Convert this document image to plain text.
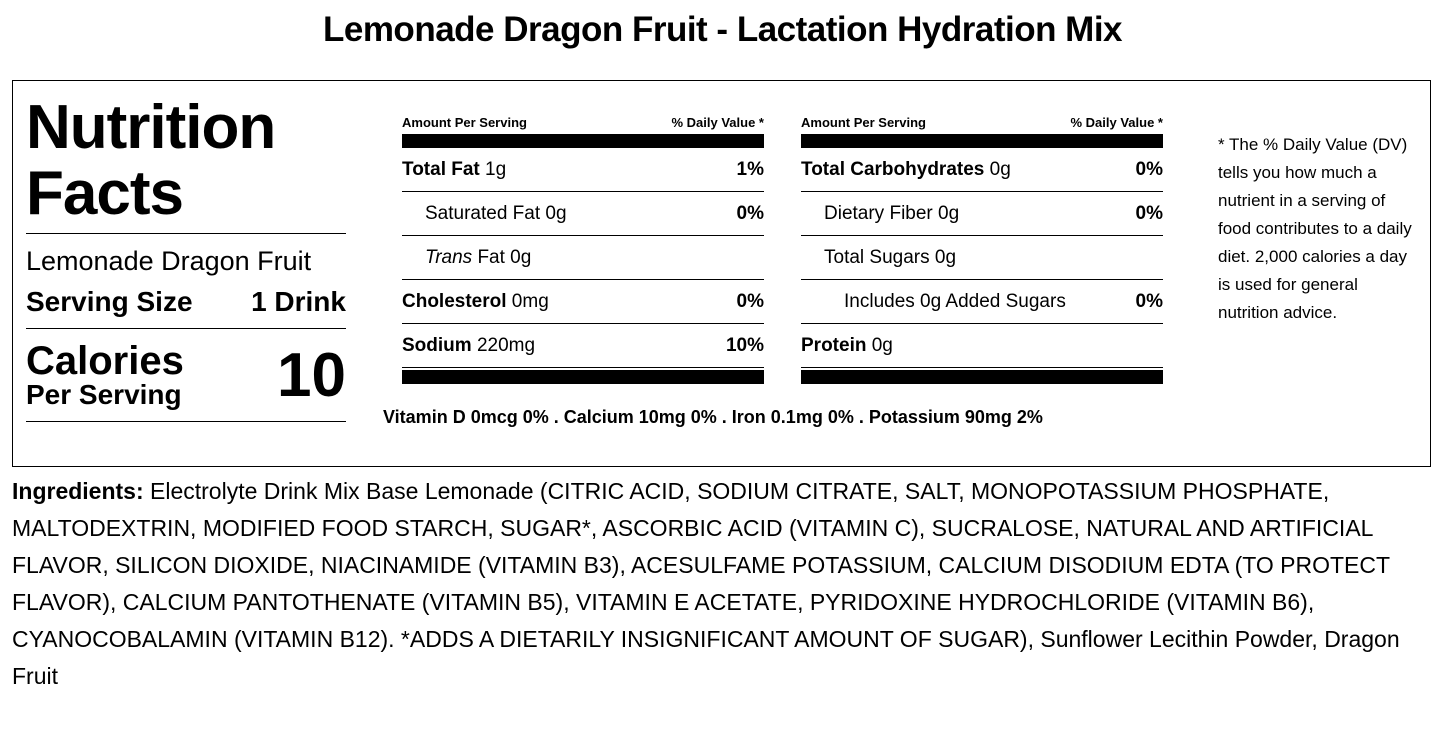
Lemonade Dragon Fruit - Lactation Hydration Mix
Nutrition
Facts
Lemonade Dragon Fruit
Serving Size 1 Drink
Calories
Per Serving 10
Amount Per Serving	% Daily Value *
Total Fat 1g	1%
Saturated Fat 0g	0%
Trans Fat 0g
Cholesterol 0mg	0%
Sodium 220mg	10%
Amount Per Serving	% Daily Value *
Total Carbohydrates 0g	0%
Dietary Fiber 0g	0%
Total Sugars 0g
Includes 0g Added Sugars	0%
Protein 0g
Vitamin D 0mcg 0% . Calcium 10mg 0% . Iron 0.1mg 0% . Potassium 90mg 2%
* The % Daily Value (DV) tells you how much a nutrient in a serving of food contributes to a daily diet. 2,000 calories a day is used for general nutrition advice.
Ingredients: Electrolyte Drink Mix Base Lemonade (CITRIC ACID, SODIUM CITRATE, SALT, MONOPOTASSIUM PHOSPHATE, MALTODEXTRIN, MODIFIED FOOD STARCH, SUGAR*, ASCORBIC ACID (VITAMIN C), SUCRALOSE, NATURAL AND ARTIFICIAL FLAVOR, SILICON DIOXIDE, NIACINAMIDE (VITAMIN B3), ACESULFAME POTASSIUM, CALCIUM DISODIUM EDTA (TO PROTECT FLAVOR), CALCIUM PANTOTHENATE (VITAMIN B5), VITAMIN E ACETATE, PYRIDOXINE HYDROCHLORIDE (VITAMIN B6), CYANOCOBALAMIN (VITAMIN B12). *ADDS A DIETARILY INSIGNIFICANT AMOUNT OF SUGAR), Sunflower Lecithin Powder, Dragon Fruit
